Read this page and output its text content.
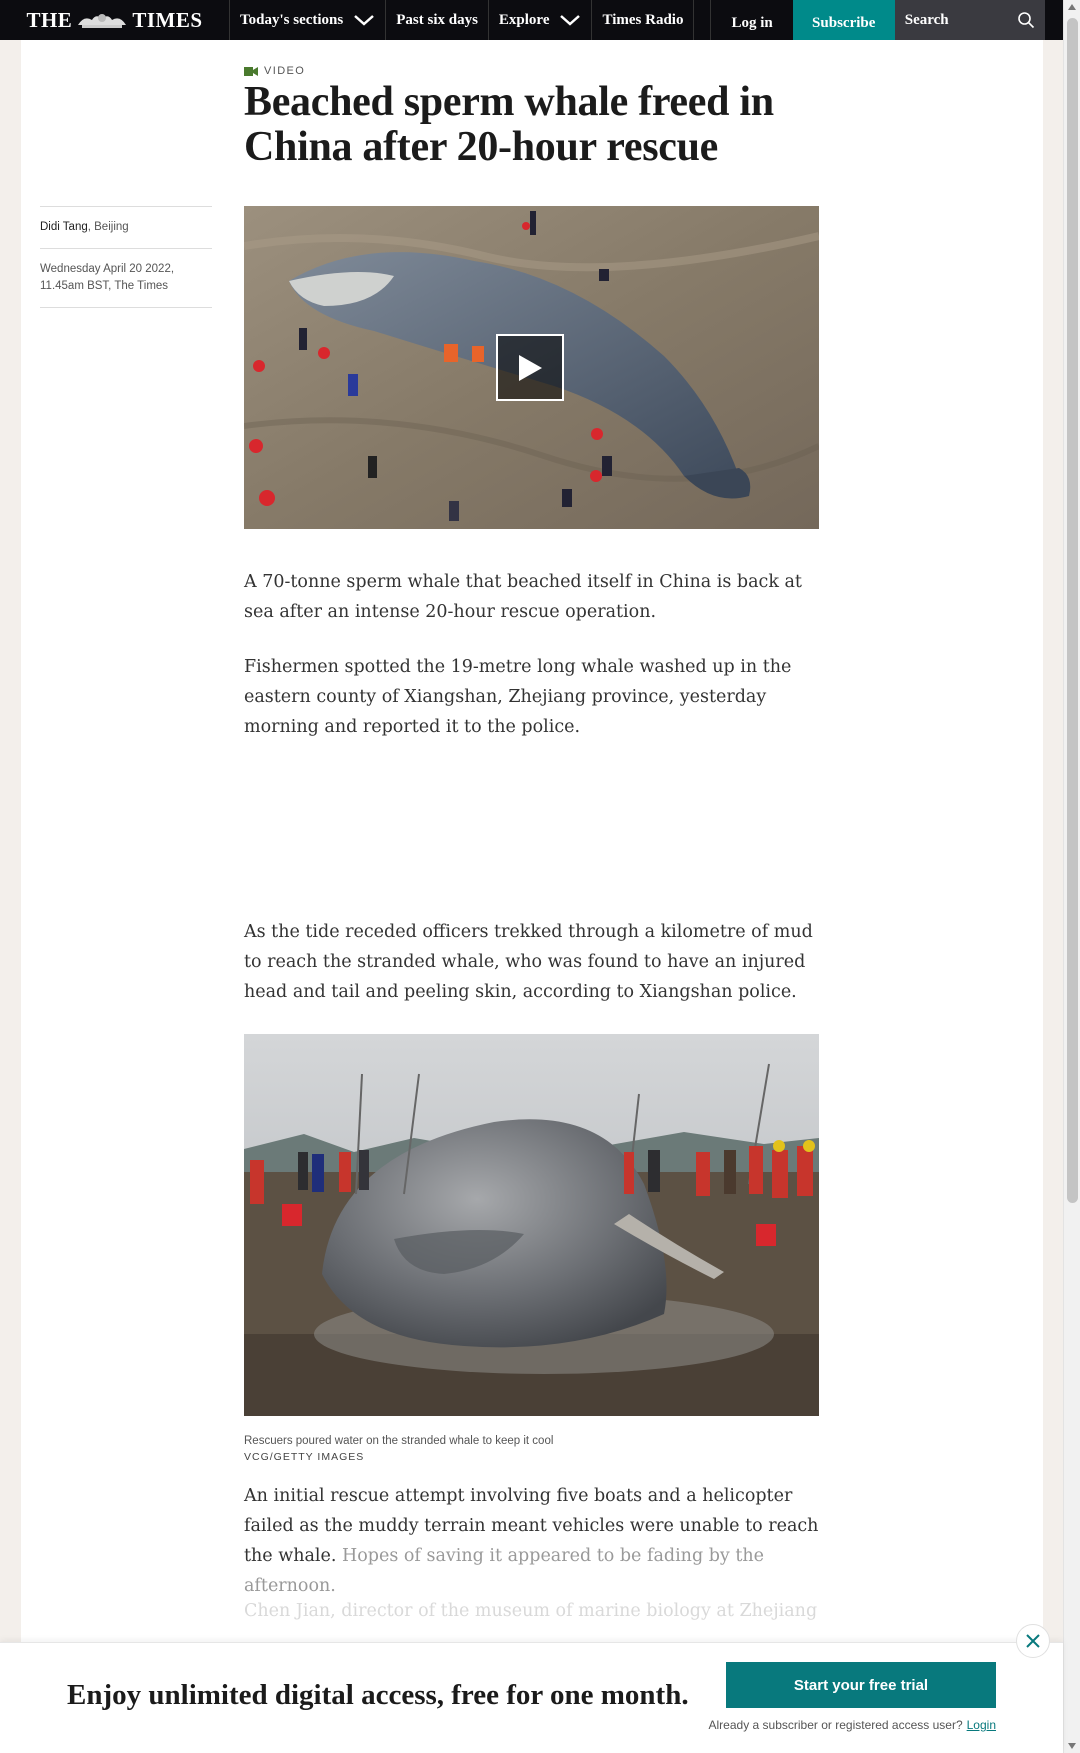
THE	TIMES Today's sections	Past six days Explore	Times Radio	Log in	Subscribe	Search
VIDEO
Beached sperm whale freed in China after 20-hour rescue
Didi Tang, Beijing
Wednesday April 20 2022,
11.45am BST, The Times

A 70-tonne sperm whale that beached itself in China is back at sea after an intense 20-hour rescue operation.

Fishermen spotted the 19-metre long whale washed up in the eastern county of Xiangshan, Zhejiang province, yesterday morning and reported it to the police.

As the tide receded officers trekked through a kilometre of mud to reach the stranded whale, who was found to have an injured head and tail and peeling skin, according to Xiangshan police.

Rescuers poured water on the stranded whale to keep it cool
VCG/GETTY IMAGES

An initial rescue attempt involving five boats and a helicopter failed as the muddy terrain meant vehicles were unable to reach the whale. Hopes of saving it appeared to be fading by the afternoon.

Chen Jian, director of the museum of marine biology at Zhejiang

Enjoy unlimited digital access, free for one month.	Start your free trial
Already a subscriber or registered access user? Login
